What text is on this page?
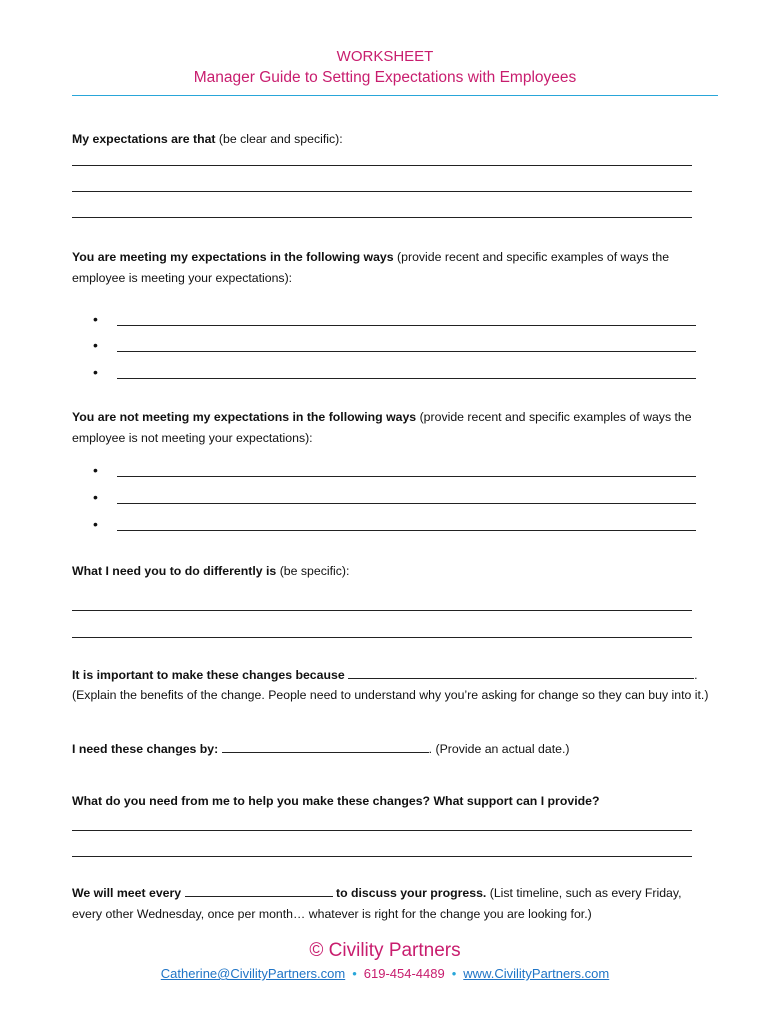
WORKSHEET
Manager Guide to Setting Expectations with Employees
My expectations are that (be clear and specific):
You are meeting my expectations in the following ways (provide recent and specific examples of ways the employee is meeting your expectations):
•
•
•
You are not meeting my expectations in the following ways (provide recent and specific examples of ways the employee is not meeting your expectations):
•
•
•
What I need you to do differently is (be specific):
It is important to make these changes because	.
(Explain the benefits of the change. People need to understand why you’re asking for change so they can buy into it.)
I need these changes by:	. (Provide an actual date.)
What do you need from me to help you make these changes? What support can I provide?
We will meet every	to discuss your progress. (List timeline, such as every Friday, every other Wednesday, once per month… whatever is right for the change you are looking for.)
© Civility Partners
Catherine@CivilityPartners.com • 619-454-4489 • www.CivilityPartners.com
